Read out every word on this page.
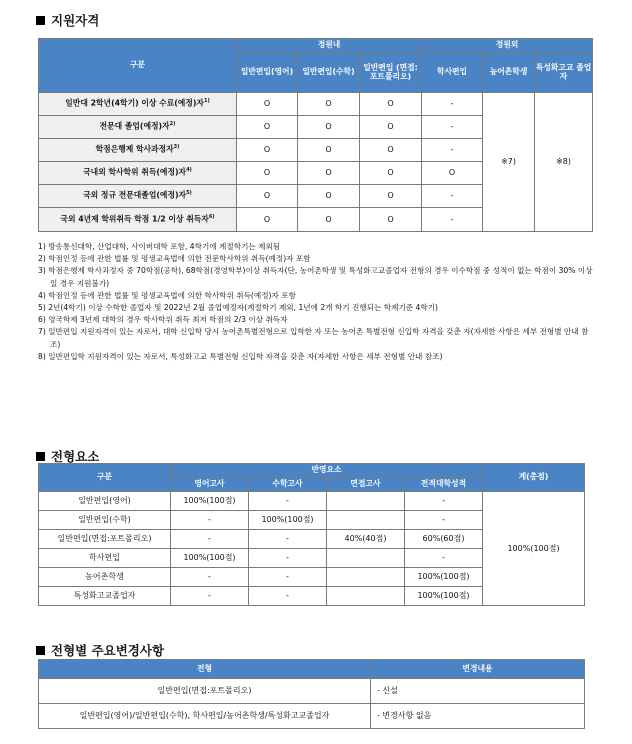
지원자격
구분	정원내			정원외		
	일반편입(영어)	일반편입(수학)	일반편입 (면접: 포트폴리오)	학사편입	농어촌학생	특성화고교 졸업자
일반대 2학년(4학기) 이상 수료(예정)자$^{1)}$	O	O	O	-	※7)	※8)
전문대 졸업(예정)자$^{2)}$	O	O	O	-		
학점은행제 학사과정자$^{3)}$	O	O	O	-		
국내외 학사학위 취득(예정)자$^{4)}$	O	O	O	O		
국외 정규 전문대졸업(예정)자$^{5)}$	O	O	O	-		
국외 4년제 학위취득 학점 1/2 이상 취득자$^{6)}$	O	O	O	-		
1) 방송통신대학, 산업대학, 사이버대학 포함, 4학기에 계절학기는 제외됨
2) 학점인정 등에 관한 법률 및 평생교육법에 의한 전문학사학위 취득(예정)자 포함
3) 학점은행제 학사과정자 중 70학점(공학), 68학점(경영학부)이상 취득자(단, 농어촌학생 및 특성화고교졸업자 전형의 경우 이수학점 중 성적이 없는 학점이 30% 이상일 경우 지원불가)
4) 학점인정 등에 관한 법률 및 평생교육법에 의한 학사학위 취득(예정)자 포함
5) 2년(4학기) 이상 수학한 졸업자 및 2022년 2월 졸업예정자(계절학기 제외, 1년에 2개 학기 진행되는 학제기준 4학기)
6) 영국학제 3년제 대학의 경우 학사학위 취득 최저 학점의 2/3 이상 취득자
7) 일반편입 지원자격이 있는 자로서, 대학 신입학 당시 농어촌특별전형으로 입학한 자 또는 농어촌 특별전형 신입학 자격을 갖춘 자(자세한 사항은 세부 전형별 안내 참조)
8) 일반편입학 지원자격이 있는 자로서, 특성화고교 특별전형 신입학 자격을 갖춘 자(자세한 사항은 세부 전형별 안내 참조)
전형요소
구분	반영요소				계(총점)
	영어고사	수학고사	면접고사	전적대학성적	
일반편입(영어)	100%(100점)	-		-	100%(100점)
일반편입(수학)	-	100%(100점)		-	
일반편입(면접:포트폴리오)	-	-	40%(40점)	60%(60점)	
학사편입	100%(100점)	-		-	
농어촌학생	-	-		100%(100점)	
특성화고교졸업자	-	-		100%(100점)	
전형별 주요변경사항
전형	변경내용
일반편입(면접:포트폴리오)	- 신설
일반편입(영어)/일반편입(수학), 학사편입/농어촌학생/특성화고교졸업자	- 변경사항 없음
